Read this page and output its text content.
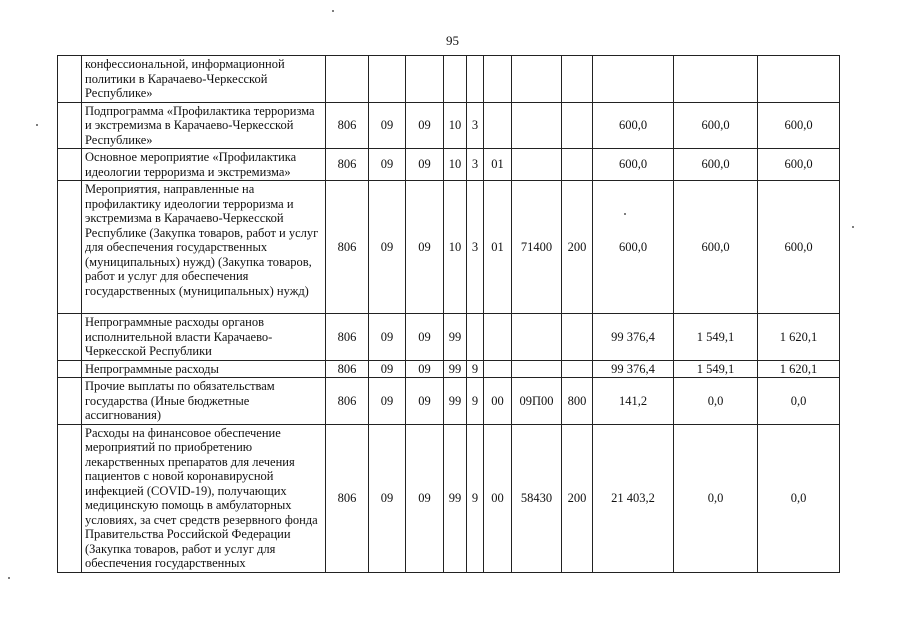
95
	конфессиональной, информационной политики в Карачаево-Черкесской Республике»											
	Подпрограмма «Профилактика терроризма и экстремизма в Карачаево-Черкесской Республике»	806	09	09	10	3				600,0	600,0	600,0
	Основное мероприятие «Профилактика идеологии терроризма и экстремизма»	806	09	09	10	3	01			600,0	600,0	600,0
	Мероприятия, направленные на профилактику идеологии терроризма и экстремизма в Карачаево-Черкесской Республике (Закупка товаров, работ и услуг для обеспечения государственных (муниципальных) нужд) (Закупка товаров, работ и услуг для обеспечения государственных (муниципальных) нужд)	806	09	09	10	3	01	71400	200	600,0	600,0	600,0
	Непрограммные расходы органов исполнительной власти Карачаево-Черкесской Республики	806	09	09	99					99 376,4	1 549,1	1 620,1
	Непрограммные расходы	806	09	09	99	9				99 376,4	1 549,1	1 620,1
	Прочие выплаты по обязательствам государства (Иные бюджетные ассигнования)	806	09	09	99	9	00	09П00	800	141,2	0,0	0,0
	Расходы на финансовое обеспечение мероприятий по приобретению лекарственных препаратов для лечения пациентов с новой коронавирусной инфекцией (COVID-19), получающих медицинскую помощь в амбулаторных условиях, за счет средств резервного фонда Правительства Российской Федерации (Закупка товаров, работ и услуг для обеспечения государственных	806	09	09	99	9	00	58430	200	21 403,2	0,0	0,0
